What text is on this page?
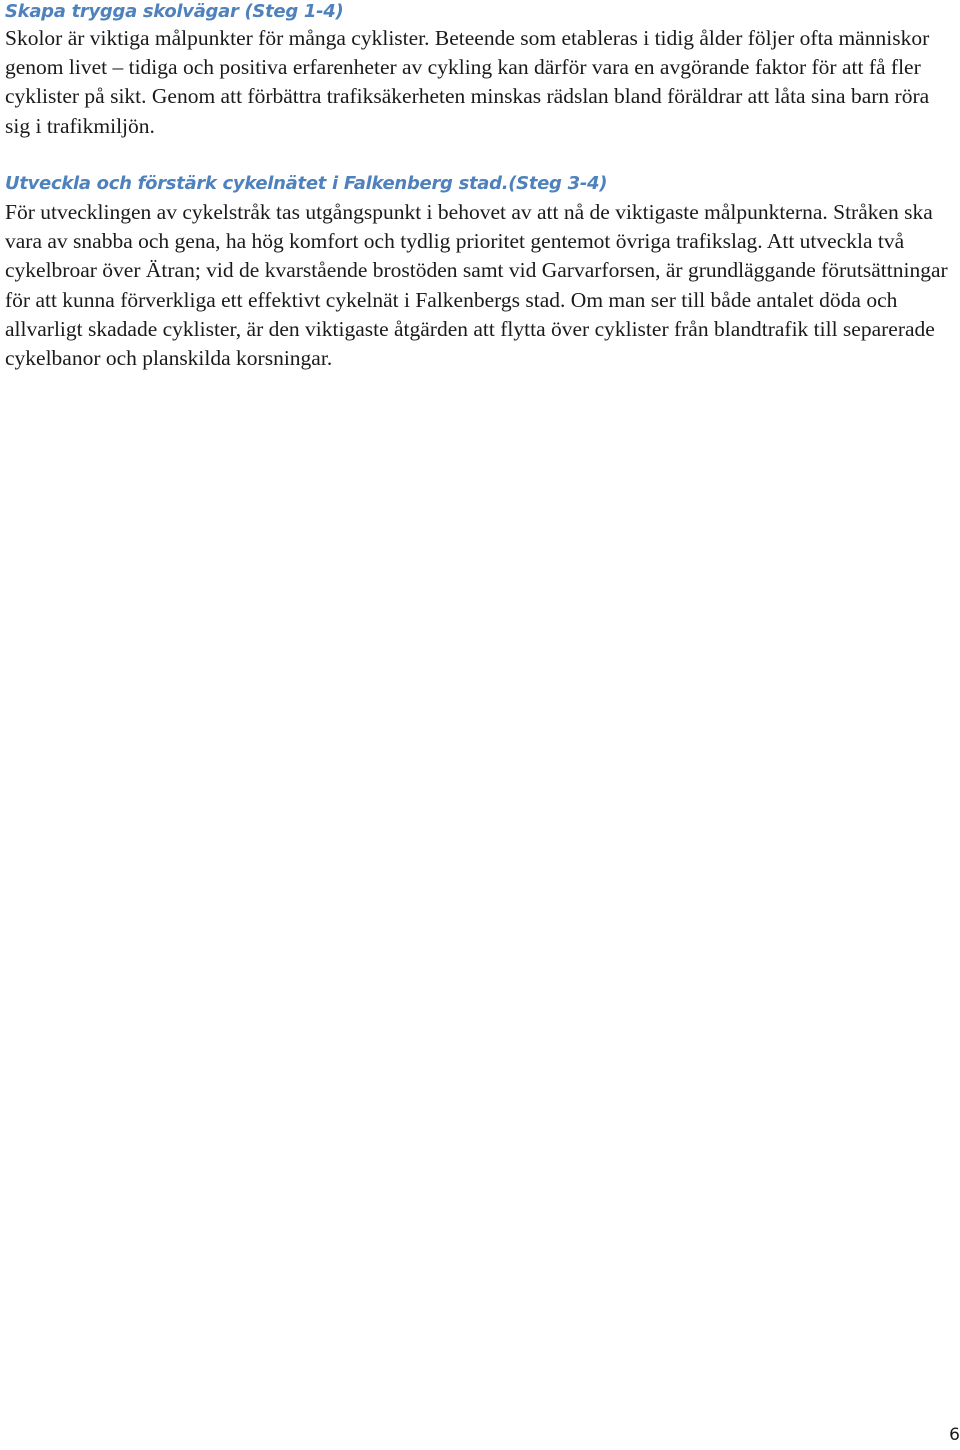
Skapa trygga skolvägar (Steg 1-4)

Skolor är viktiga målpunkter för många cyklister. Beteende som etableras i tidig ålder följer ofta människor genom livet – tidiga och positiva erfarenheter av cykling kan därför vara en avgörande faktor för att få fler cyklister på sikt. Genom att förbättra trafiksäkerheten minskas rädslan bland föräldrar att låta sina barn röra sig i trafikmiljön.

Utveckla och förstärk cykelnätet i Falkenberg stad.(Steg 3-4)

För utvecklingen av cykelstråk tas utgångspunkt i behovet av att nå de viktigaste målpunkterna. Stråken ska vara av snabba och gena, ha hög komfort och tydlig prioritet gentemot övriga trafikslag. Att utveckla två cykelbroar över Ätran; vid de kvarstående brostöden samt vid Garvarforsen, är grundläggande förutsättningar för att kunna förverkliga ett effektivt cykelnät i Falkenbergs stad. Om man ser till både antalet döda och allvarligt skadade cyklister, är den viktigaste åtgärden att flytta över cyklister från blandtrafik till separerade cykelbanor och planskilda korsningar.

6
